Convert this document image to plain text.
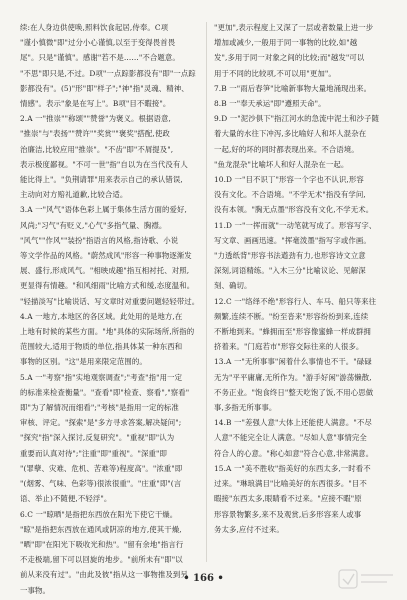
续:在人身边供使唤,照料饮食起居,侍奉。C项

"谨小慎微"即"过分小心谨慎,以至于变得畏首畏

尾"。只是"谨慎"。感谢"若不是……"不合题意。

"不思"即只是,不过。D项"一点踪影都没有"即"一点踪

影都没有"。(5)"形"即"样子";"神"指"灵魂、精神、

情感"。表示"象是在写上"。B项"目不暇接"。

2.A 一"推崇""称颂""赞誉"为褒义。根据语意,

"推崇"与"表扬""赞许""奖赏""褒奖"搭配,使政

治廉洁,比较应用"推崇"。"不齿"即"不屑提及",

表示极度鄙视。"不可一世"指"自以为在当代没有人

能比得上"。"负荆请罪"用来表示自己的承认错误,

主动向对方赔礼道歉,比较合适。

3.A 一"风气"语体色彩上属于集体生活方面的爱好,

风尚;"习气"有贬义,"心气"多指气量、胸襟。

"风气""作风""装扮"指语言的风格,指诗歌、小说

等文学作品的风格。"蔚然成风"形容一种事物逐渐发

展、盛行,形成风气。"相映成趣"指互相衬托、对照,

更显得有情趣。"和风细雨"比喻方式和缓,态度温和。

"轻描淡写"比喻说话、写文章时对重要问题轻轻带过。

4.A 一地方,本地区的各区域。此处用的是地方,在

上地有时候的某些方面。"地"具体的实际场所,所指的

范围较大,适用于物质的单位,指具体某一种东西和

事物的区别。"这"是用来限定范围的。

5.A 一"考察"指"实地观察调查";"考查"指"用一定

的标准来检查衡量"。"查看"即"检查、察看","察看"

即"为了解情况而细看";"考核"是指用一定的标准

审核、评定。"探索"是"多方寻求答案,解决疑问";

"探究"指"深入探讨,反复研究"。"重视"即"认为

重要而认真对待";"注重"即"重视"。"深重"即

"(罪孽、灾难、危机、苦难等)程度高"。"浓重"即

"(烟雾、气味、色彩等)很浓很重"。"庄重"即"(言

语、举止)不随便,不轻浮"。

6.C 一"晾晒"是指把东西放在阳光下使它干燥。

"晾"是指把东西放在通风或阴凉的地方,使其干燥,

"晒"即"在阳光下吸收光和热"。"留有余地"指言行

不走极端,留下可以回旋的地步。"前所未有"即"以

前从来没有过"。"由此及彼"指从这一事物推及到另

一事物。

"更加",表示程度上又深了一层或者数量上进一步

增加或减少,一般用于同一事物的比较,如"越

发",多用于同一对象之间的比较;而"越发"可以

用于不同的比较项,不可以用"更加"。

7.B 一"雨后春笋"比喻新事物大量地涌现出来。

8.B 一"奉天承运"即"遵照天命"。

9.D 一"泥沙俱下"指江河水的急流中泥土和沙子随

着大量的水往下冲泻,多比喻好人和坏人混杂在

一起,好的坏的同时都表现出来。不合语境。

"鱼龙混杂"比喻坏人和好人混杂在一起。

10.D 一"目不识丁"形容一个字也不认识,形容

没有文化。不合语境。"不学无术"指没有学问,

没有本领。"胸无点墨"形容没有文化,不学无术。

11.D 一"一挥而就"一动笔就写成了。形容写字、

写文章、画画迅速。"挥毫泼墨"指写字或作画。

"力透纸背"形容书法遒劲有力,也形容诗文立意

深刻,词语精练。"入木三分"比喻议论、见解深

刻、确切。

12.C 一"络绎不绝"形容行人、车马、船只等来往

频繁,连续不断。"纷至沓来"形容纷纷到来,连续

不断地到来。"蜂拥而至"形容像蜜蜂一样成群拥

挤着来。"门庭若市"形容交际往来的人很多。

13.A 一"无所事事"闲着什么事情也不干。"碌碌

无为"平平庸庸,无所作为。"游手好闲"游荡懒散,

不务正业。"饱食终日"整天吃饱了饭,不用心思做

事,多指无所事事。

14.B 一"差强人意"大体上还能使人满意。"不尽

人意"不能完全让人满意。"尽如人意"事情完全

符合人的心意。"称心如意"符合心意,非常满意。

15.A 一"美不胜收"指美好的东西太多,一时看不

过来。"琳琅满目"比喻美好的东西很多。"目不

暇接"东西太多,眼睛看不过来。"应接不暇"原

形容景物繁多,来不及观赏,后多形容来人或事

务太多,应付不过来。

• 166 •
